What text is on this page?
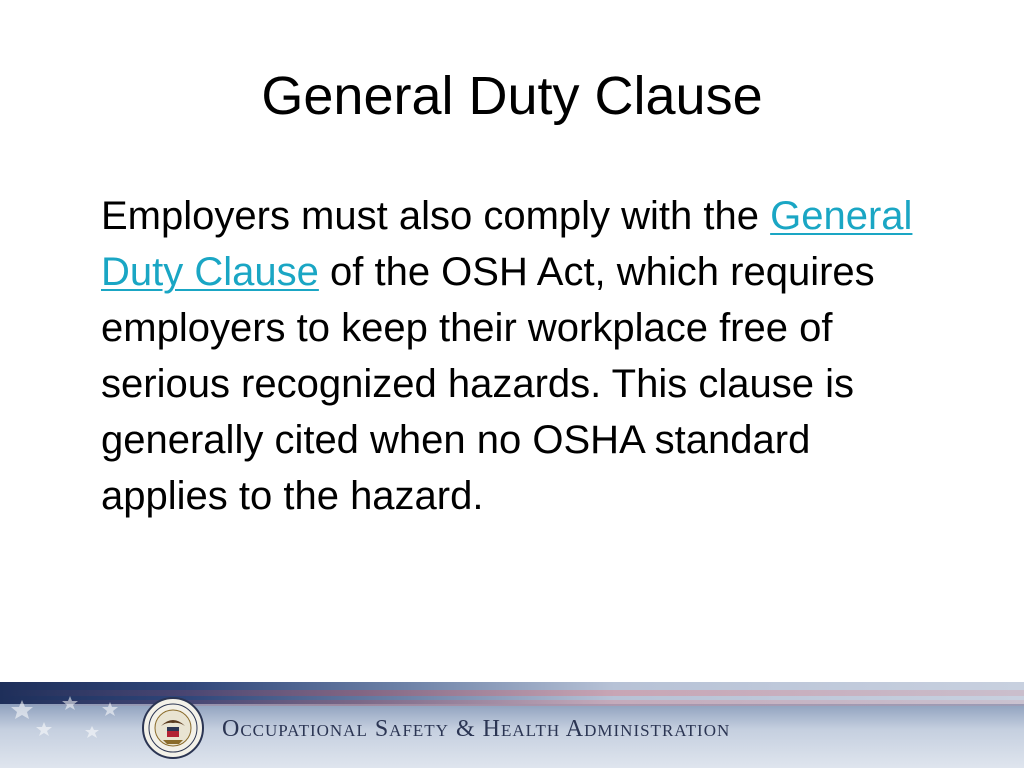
General Duty Clause

Employers must also comply with the General Duty Clause of the OSH Act, which requires employers to keep their workplace free of serious recognized hazards. This clause is generally cited when no OSHA standard applies to the hazard.

Occupational Safety & Health Administration
